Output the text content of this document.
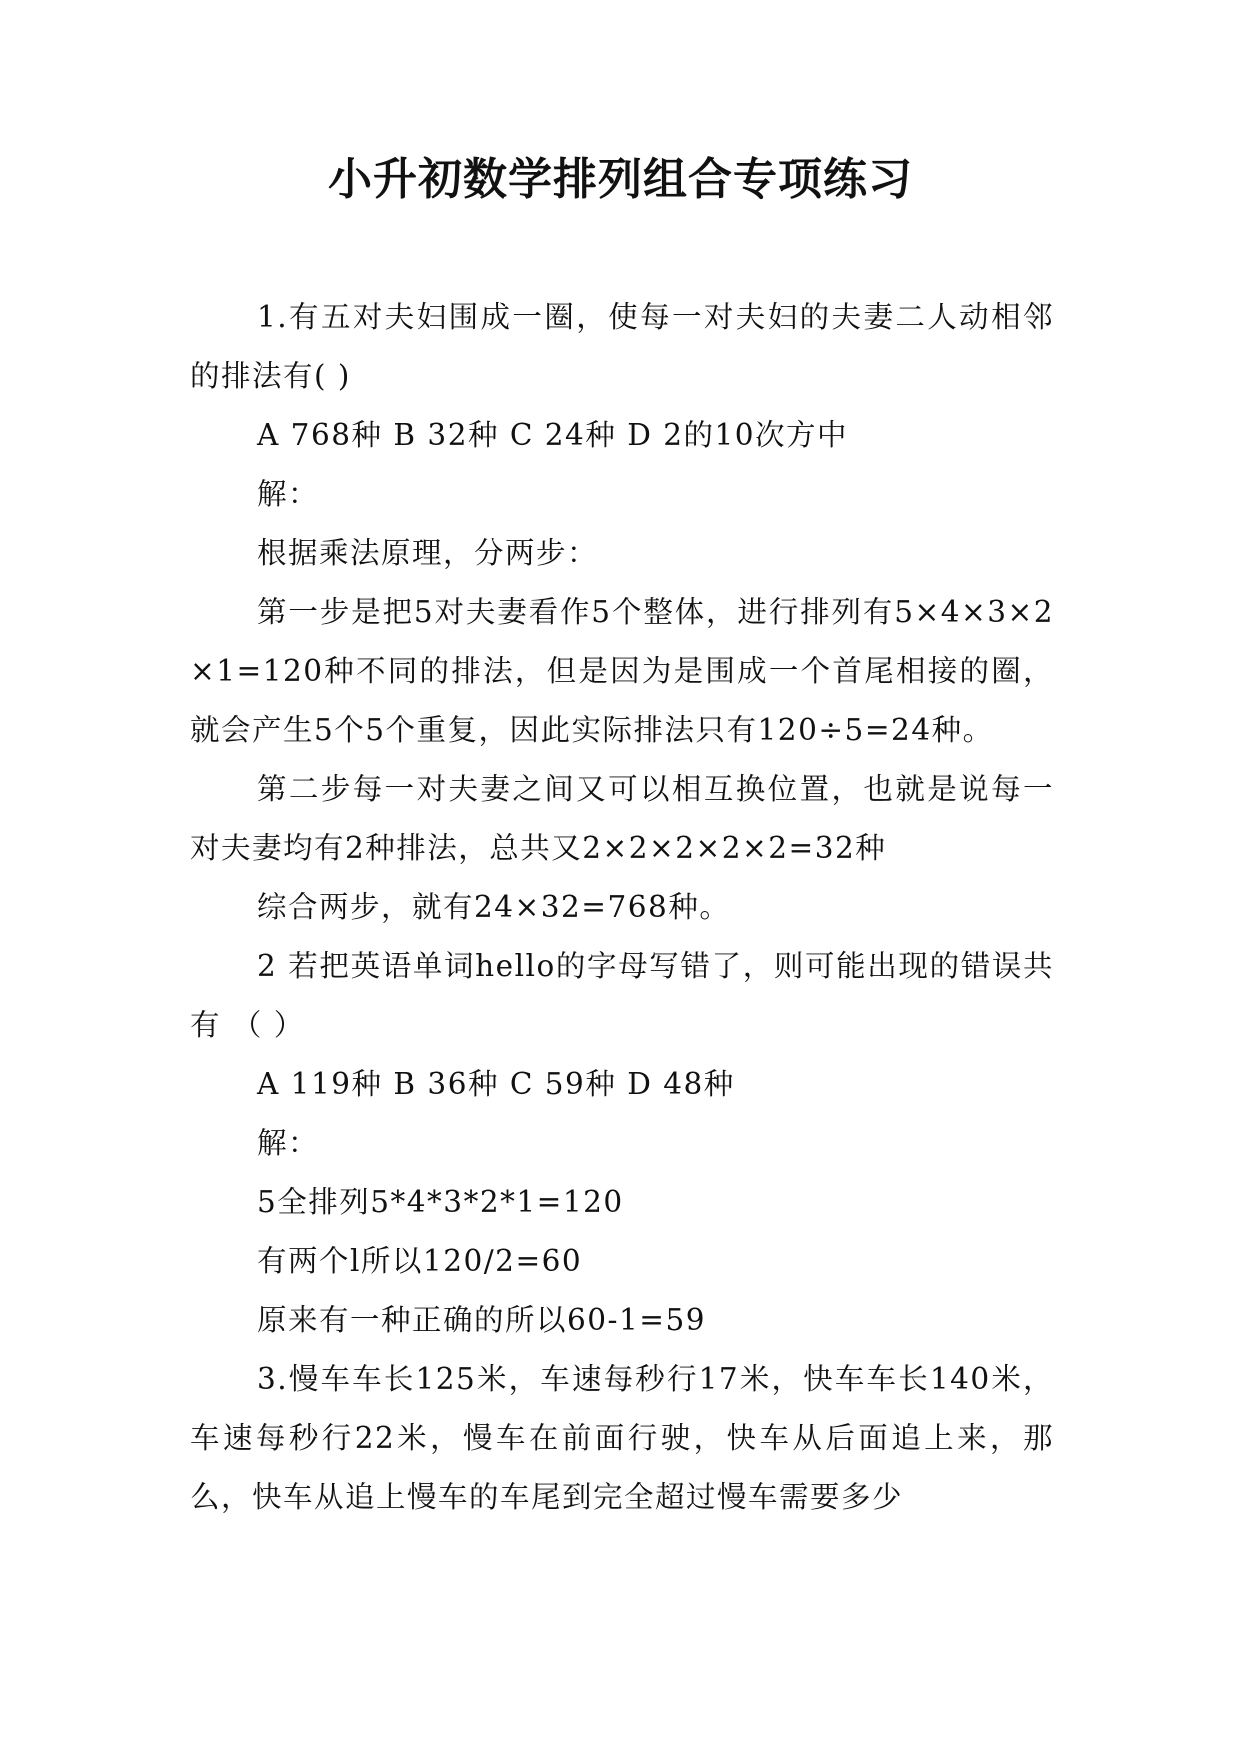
小升初数学排列组合专项练习

1.有五对夫妇围成一圈，使每一对夫妇的夫妻二人动相邻的排法有( )

A 768种 B 32种 C 24种 D 2的10次方中

解：

根据乘法原理，分两步：

第一步是把5对夫妻看作5个整体，进行排列有5×4×3×2×1=120种不同的排法，但是因为是围成一个首尾相接的圈，就会产生5个5个重复，因此实际排法只有120÷5=24种。

第二步每一对夫妻之间又可以相互换位置，也就是说每一对夫妻均有2种排法，总共又2×2×2×2×2=32种

综合两步，就有24×32=768种。

2 若把英语单词hello的字母写错了，则可能出现的错误共有 （ ）

A 119种 B 36种 C 59种 D 48种

解：

5全排列5*4*3*2*1=120

有两个l所以120/2=60

原来有一种正确的所以60-1=59

3.慢车车长125米，车速每秒行17米，快车车长140米，车速每秒行22米，慢车在前面行驶，快车从后面追上来，那么，快车从追上慢车的车尾到完全超过慢车需要多少
